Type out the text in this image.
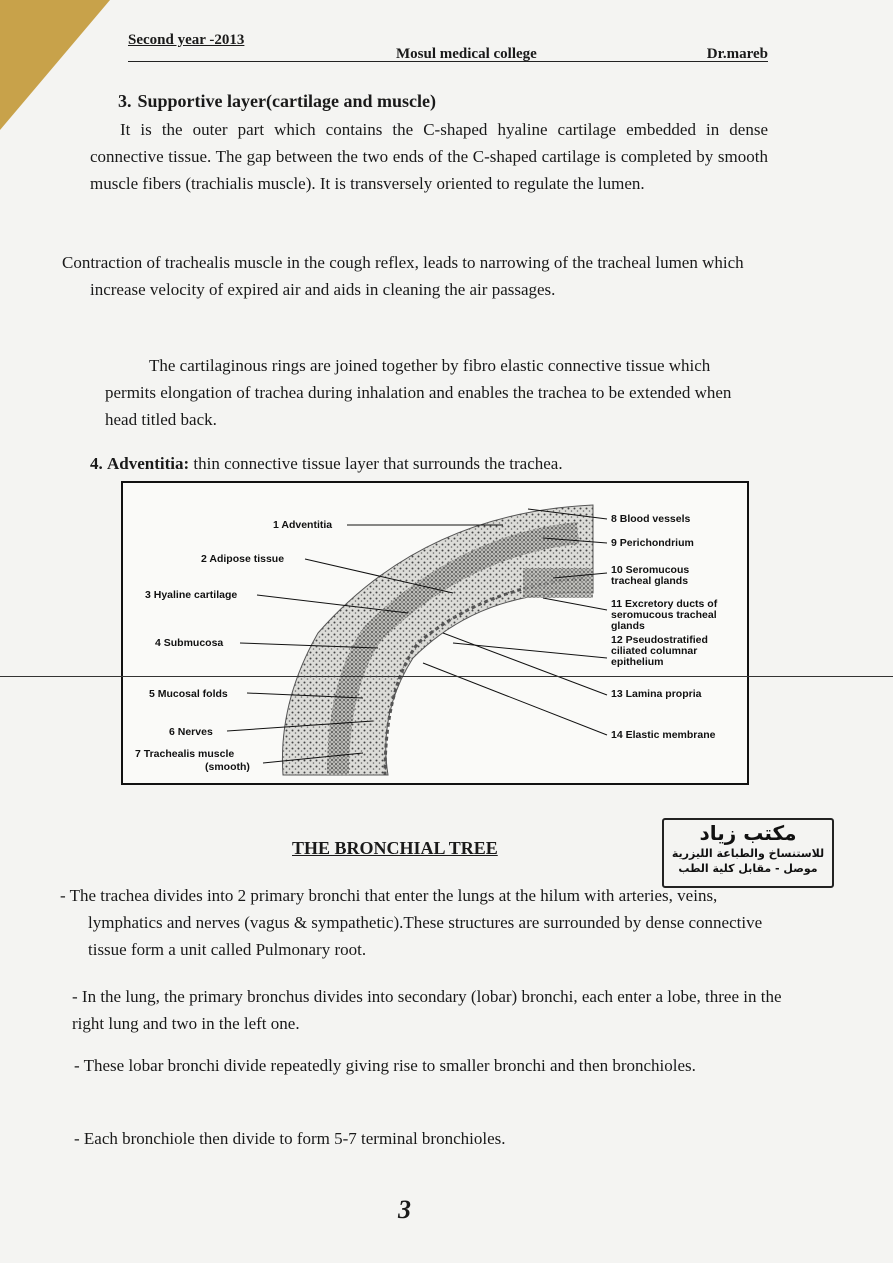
Second year -2013
Mosul medical college	Dr.mareb
3. Supportive layer(cartilage and muscle)
It is the outer part which contains the C-shaped hyaline cartilage embedded in dense connective tissue. The gap between the two ends of the C-shaped cartilage is completed by smooth muscle fibers (trachialis muscle). It is transversely oriented to regulate the lumen.
Contraction of trachealis muscle in the cough reflex, leads to narrowing of the tracheal lumen which increase velocity of expired air and aids in cleaning the air passages.
The cartilaginous rings are joined together by fibro elastic connective tissue which permits elongation of trachea during inhalation and enables the trachea to be extended when head titled back.
4. Adventitia: thin connective tissue layer that surrounds the trachea.
1 Adventitia
2 Adipose tissue
3 Hyaline cartilage
4 Submucosa
5 Mucosal folds
6 Nerves
7 Trachealis muscle
(smooth)
8 Blood vessels
9 Perichondrium
10 Seromucous
tracheal glands
11 Excretory ducts of
seromucous tracheal
glands
12 Pseudostratified
ciliated columnar
epithelium
13 Lamina propria
14 Elastic membrane
THE BRONCHIAL TREE
مكتب زياد
للاستنساخ والطباعة الليزرية
موصل - مقابل كلية الطب
- The trachea divides into 2 primary bronchi that enter the lungs at the hilum with arteries, veins, lymphatics and nerves (vagus & sympathetic).These structures are surrounded by dense connective tissue form a unit called Pulmonary root.
- In the lung, the primary bronchus divides into secondary (lobar) bronchi, each enter a lobe, three in the right lung and two in the left one.
- These lobar bronchi divide repeatedly giving rise to smaller bronchi and then bronchioles.
- Each bronchiole then divide to form 5-7 terminal bronchioles.
3
